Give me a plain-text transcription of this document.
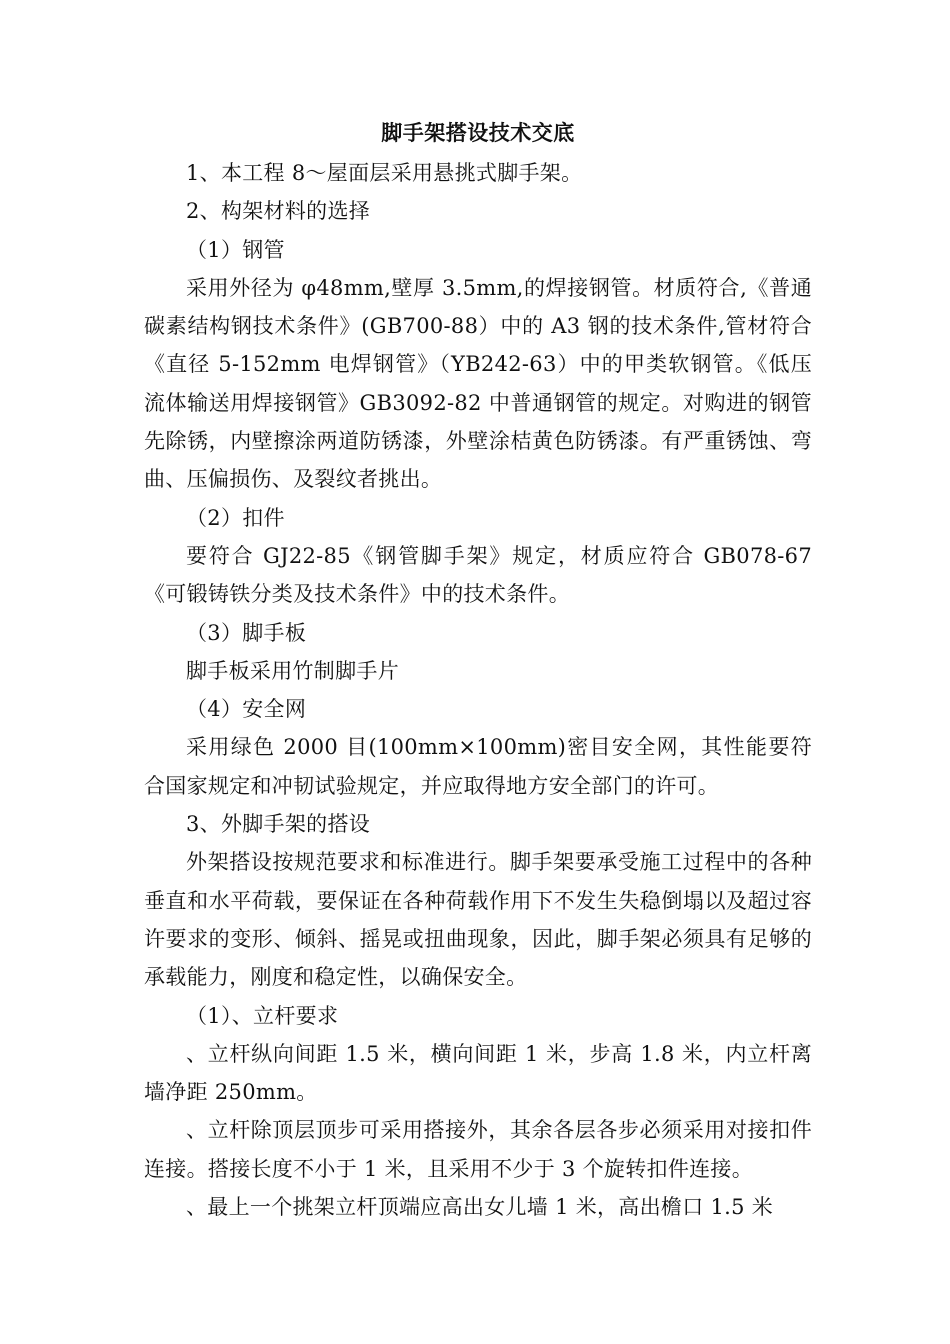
脚手架搭设技术交底

1、本工程 8～屋面层采用悬挑式脚手架。

2、构架材料的选择

（1）钢管

采用外径为 φ48mm,壁厚 3.5mm,的焊接钢管。材质符合,《普通碳素结构钢技术条件》(GB700-88）中的 A3 钢的技术条件,管材符合《直径 5-152mm 电焊钢管》（YB242-63）中的甲类软钢管。《低压流体输送用焊接钢管》GB3092-82 中普通钢管的规定。对购进的钢管先除锈，内壁擦涂两道防锈漆，外壁涂桔黄色防锈漆。有严重锈蚀、弯曲、压偏损伤、及裂纹者挑出。

（2）扣件

要符合 GJ22-85《钢管脚手架》规定，材质应符合 GB078-67《可锻铸铁分类及技术条件》中的技术条件。

（3）脚手板

脚手板采用竹制脚手片

（4）安全网

采用绿色 2000 目(100mm×100mm)密目安全网，其性能要符合国家规定和冲韧试验规定，并应取得地方安全部门的许可。

3、外脚手架的搭设

外架搭设按规范要求和标准进行。脚手架要承受施工过程中的各种垂直和水平荷载，要保证在各种荷载作用下不发生失稳倒塌以及超过容许要求的变形、倾斜、摇晃或扭曲现象，因此，脚手架必须具有足够的承载能力，刚度和稳定性，以确保安全。

（1）、立杆要求

、立杆纵向间距 1.5 米，横向间距 1 米，步高 1.8 米，内立杆离墙净距 250mm。

、立杆除顶层顶步可采用搭接外，其余各层各步必须采用对接扣件连接。搭接长度不小于 1 米，且采用不少于 3 个旋转扣件连接。

、最上一个挑架立杆顶端应高出女儿墙 1 米，高出檐口 1.5 米
